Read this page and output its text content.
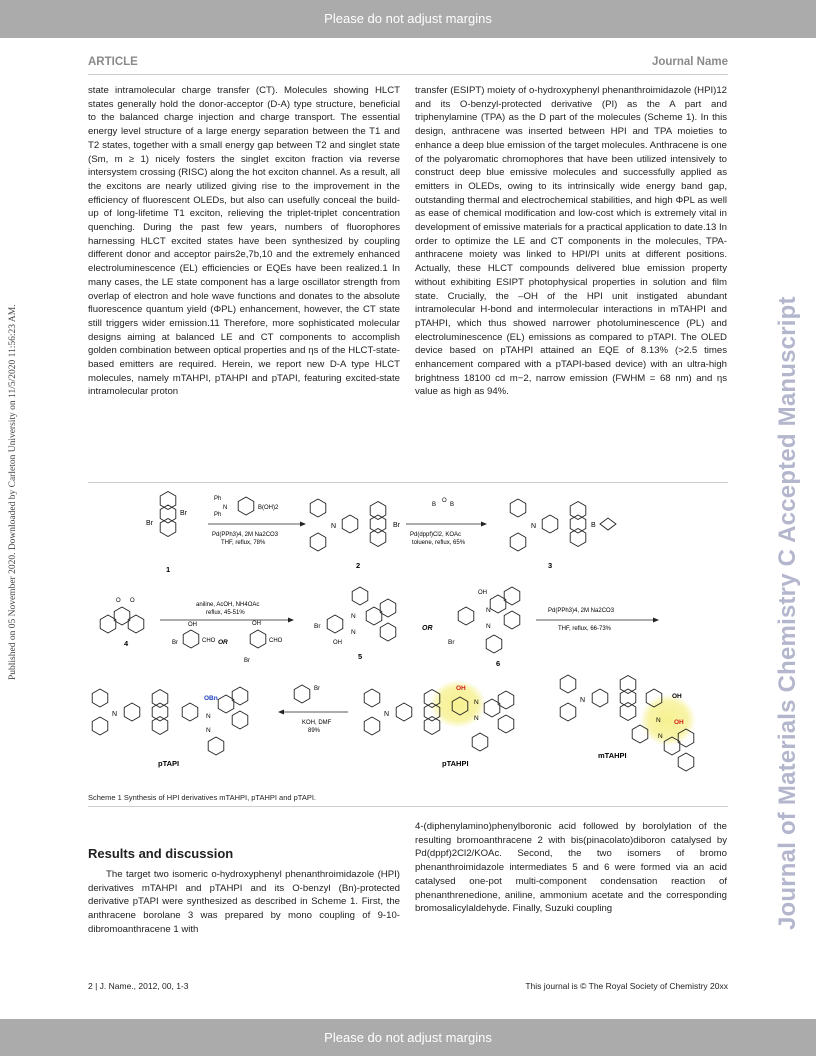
Please do not adjust margins
ARTICLE	Journal Name
Published on 05 November 2020. Downloaded by Carleton University on 11/5/2020 11:56:23 AM.	Journal of Materials Chemistry C Accepted Manuscript

state intramolecular charge transfer (CT). Molecules showing HLCT states generally hold the donor-acceptor (D-A) type structure, beneficial to the balanced charge injection and charge transport. The essential energy level structure of a large energy separation between the T1 and T2 states, together with a small energy gap between T2 and singlet state (Sm, m ≥ 1) nicely fosters the singlet exciton fraction via reverse intersystem crossing (RISC) along the hot exciton channel. As a result, all the excitons are nearly utilized giving rise to the improvement in the efficiency of fluorescent OLEDs, but also can usefully conceal the build-up of long-lifetime T1 exciton, relieving the triplet-triplet concentration quenching. During the past few years, numbers of fluorophores harnessing HLCT excited states have been synthesized by coupling different donor and acceptor pairs2e,7b,10 and the extremely enhanced electroluminescence (EL) efficiencies or EQEs have been realized.1 In many cases, the LE state component has a large oscillator strength from overlap of electron and hole wave functions and donates to the absolute fluorescence quantum yield (ΦPL) enhancement, however, the CT state still triggers wider emission.11 Therefore, more sophisticated molecular designs aiming at balanced LE and CT components to accomplish golden combination between optical properties and ηs of the HLCT-state-based emitters are required. Herein, we report new D-A type HLCT molecules, namely mTAHPI, pTAHPI and pTAPI, featuring excited-state intramolecular proton

transfer (ESIPT) moiety of o-hydroxyphenyl phenanthroimidazole (HPI)12 and its O-benzyl-protected derivative (PI) as the A part and triphenylamine (TPA) as the D part of the molecules (Scheme 1). In this design, anthracene was inserted between HPI and TPA moieties to enhance a deep blue emission of the target molecules. Anthracene is one of the polyaromatic chromophores that have been utilized intensively to construct deep blue emissive molecules and successfully applied as emitters in OLEDs, owing to its intrinsically wide energy band gap, outstanding thermal and electrochemical stabilities, and high ΦPL as well as ease of chemical modification and low-cost which is extremely vital in development of emissive materials for a practical application to date.13 In order to optimize the LE and CT components in the molecules, TPA-anthracene moiety was linked to HPI/PI units at different positions. Actually, these HLCT compounds delivered blue emission property without exhibiting ESIPT photophysical properties in solution and film state. Crucially, the –OH of the HPI unit instigated abundant intramolecular H-bond and intermolecular interactions in mTAHPI and pTAHPI, which thus showed narrower photoluminescence (PL) and electroluminescence (EL) emissions as compared to pTAPI. The OLED device based on pTAHPI attained an EQE of 8.13% (>2.5 times enhancement compared with a pTAPI-based device) with an ultra-high brightness 18100 cd m−2, narrow emission (FWHM = 68 nm) and ηs value as high as 94%.

Br
Br
1
Ph
Ph
N	B(OH)2
Pd(PPh3)4, 2M Na2CO3
THF, reflux, 78%
N	Br
2
B B
O
Pd(dppf)Cl2, KOAc
toluene, reflux, 65%
N	B
3
O O
4
aniline, AcOH, NH4OAc
reflux, 45-51%
Br
OH
CHO OR
OH
CHO
Br
Br
OH
N
N
5
OR
Br
OH
N
N
6
Pd(PPh3)4, 2M Na2CO3
THF, reflux, 66-73%
N
OBn
N
N
pTAPI
Br
KOH, DMF
89%
N
OH
N
N
pTAHPI
N
OH
OH
N
N
mTAHPI
Scheme 1 Synthesis of HPI derivatives mTAHPI, pTAHPI and pTAPI.
Results and discussion

The target two isomeric o-hydroxyphenyl phenanthroimidazole (HPI) derivatives mTAHPI and pTAHPI and its O-benzyl (Bn)-protected derivative pTAPI were synthesized as described in Scheme 1. First, the anthracene borolane 3 was prepared by mono coupling of 9-10-dibromoanthracene 1 with

4-(diphenylamino)phenylboronic acid followed by borolylation of the resulting bromoanthracene 2 with bis(pinacolato)diboron catalysed by Pd(dppf)2Cl2/KOAc. Second, the two isomers of bromo phenanthroimidazole intermediates 5 and 6 were formed via an acid catalysed one-pot multi-component condensation reaction of phenanthrenedione, aniline, ammonium acetate and the corresponding bromosalicylaldehyde. Finally, Suzuki coupling

2 | J. Name., 2012, 00, 1-3	This journal is © The Royal Society of Chemistry 20xx
Please do not adjust margins
